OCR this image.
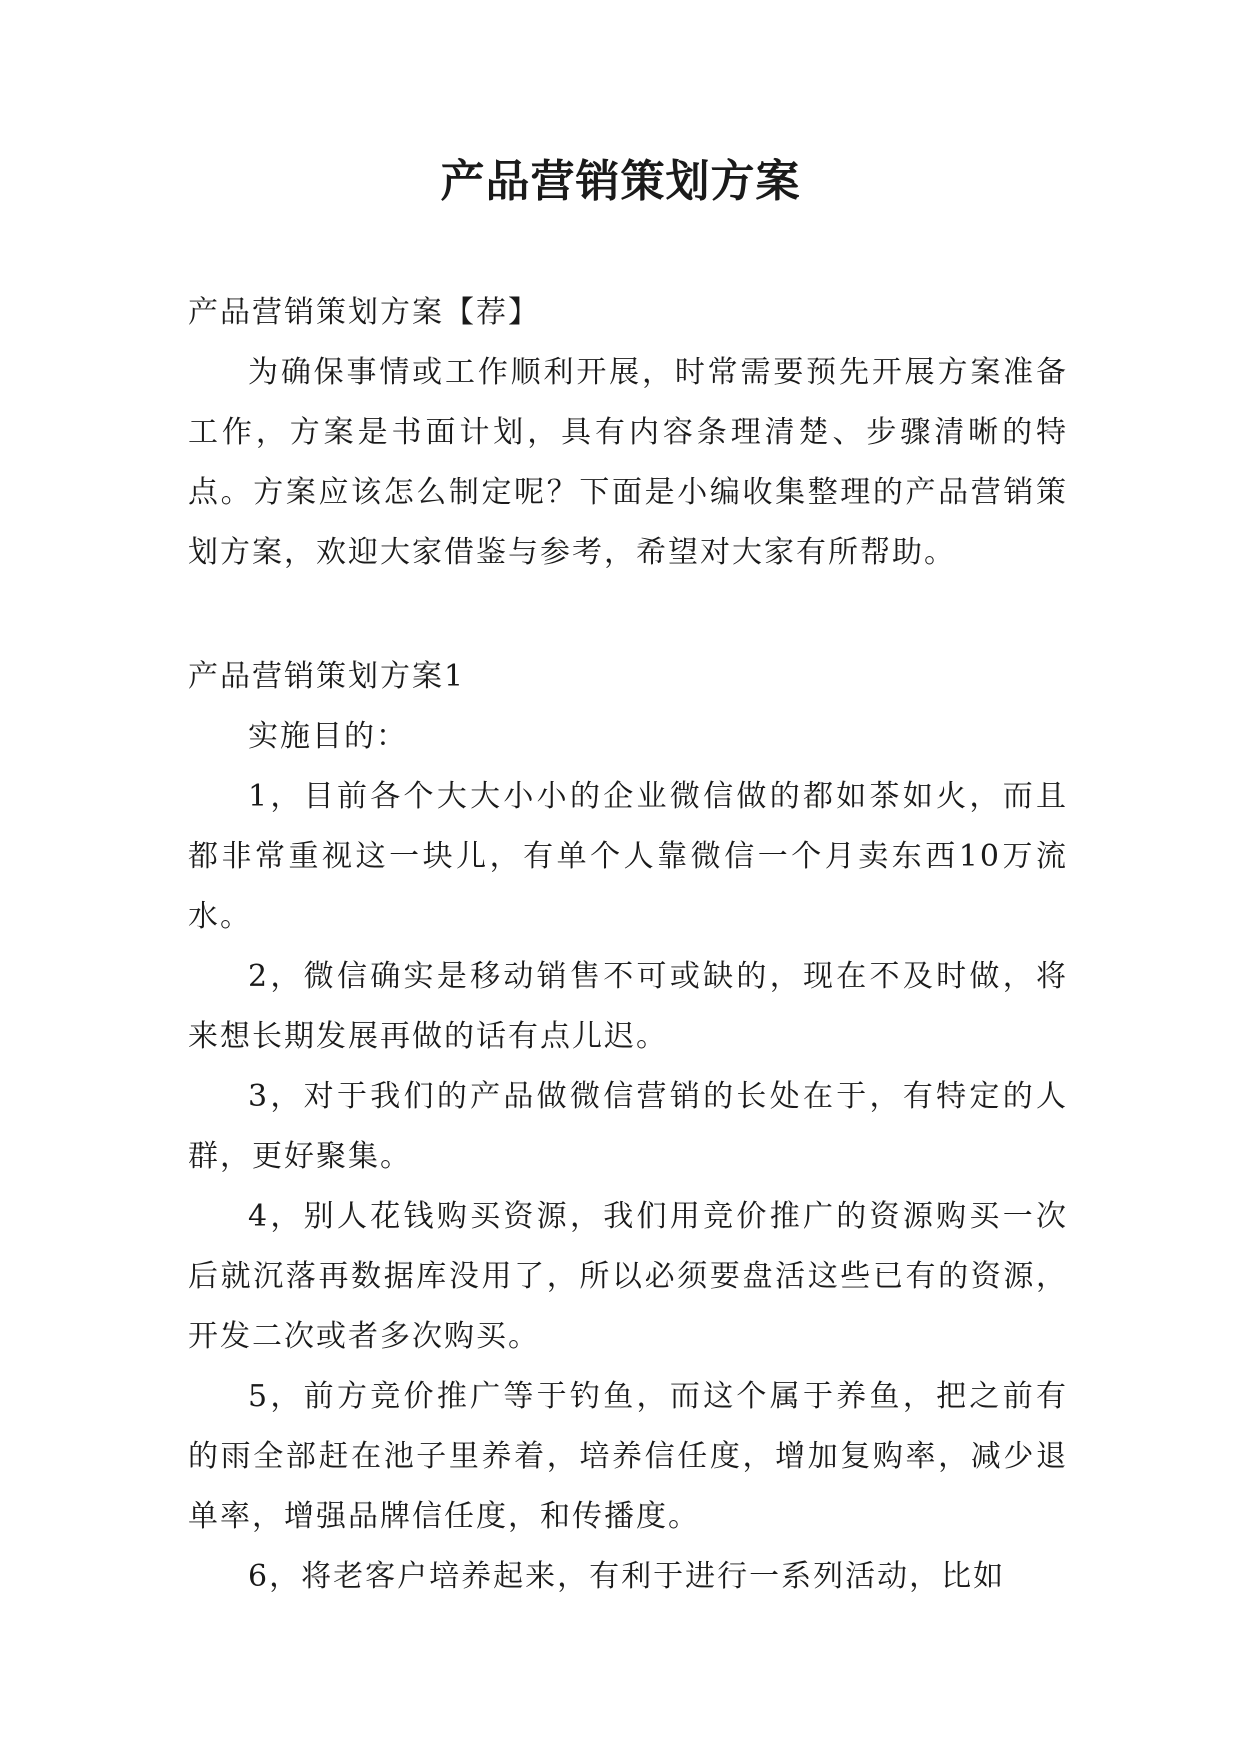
产品营销策划方案

产品营销策划方案【荐】

为确保事情或工作顺利开展，时常需要预先开展方案准备工作，方案是书面计划，具有内容条理清楚、步骤清晰的特点。方案应该怎么制定呢？下面是小编收集整理的产品营销策划方案，欢迎大家借鉴与参考，希望对大家有所帮助。

产品营销策划方案1

实施目的：

1，目前各个大大小小的企业微信做的都如茶如火，而且都非常重视这一块儿，有单个人靠微信一个月卖东西10万流水。

2，微信确实是移动销售不可或缺的，现在不及时做，将来想长期发展再做的话有点儿迟。

3，对于我们的产品做微信营销的长处在于，有特定的人群，更好聚集。

4，别人花钱购买资源，我们用竞价推广的资源购买一次后就沉落再数据库没用了，所以必须要盘活这些已有的资源，开发二次或者多次购买。

5，前方竞价推广等于钓鱼，而这个属于养鱼，把之前有的雨全部赶在池子里养着，培养信任度，增加复购率，减少退单率，增强品牌信任度，和传播度。

6，将老客户培养起来，有利于进行一系列活动，比如
